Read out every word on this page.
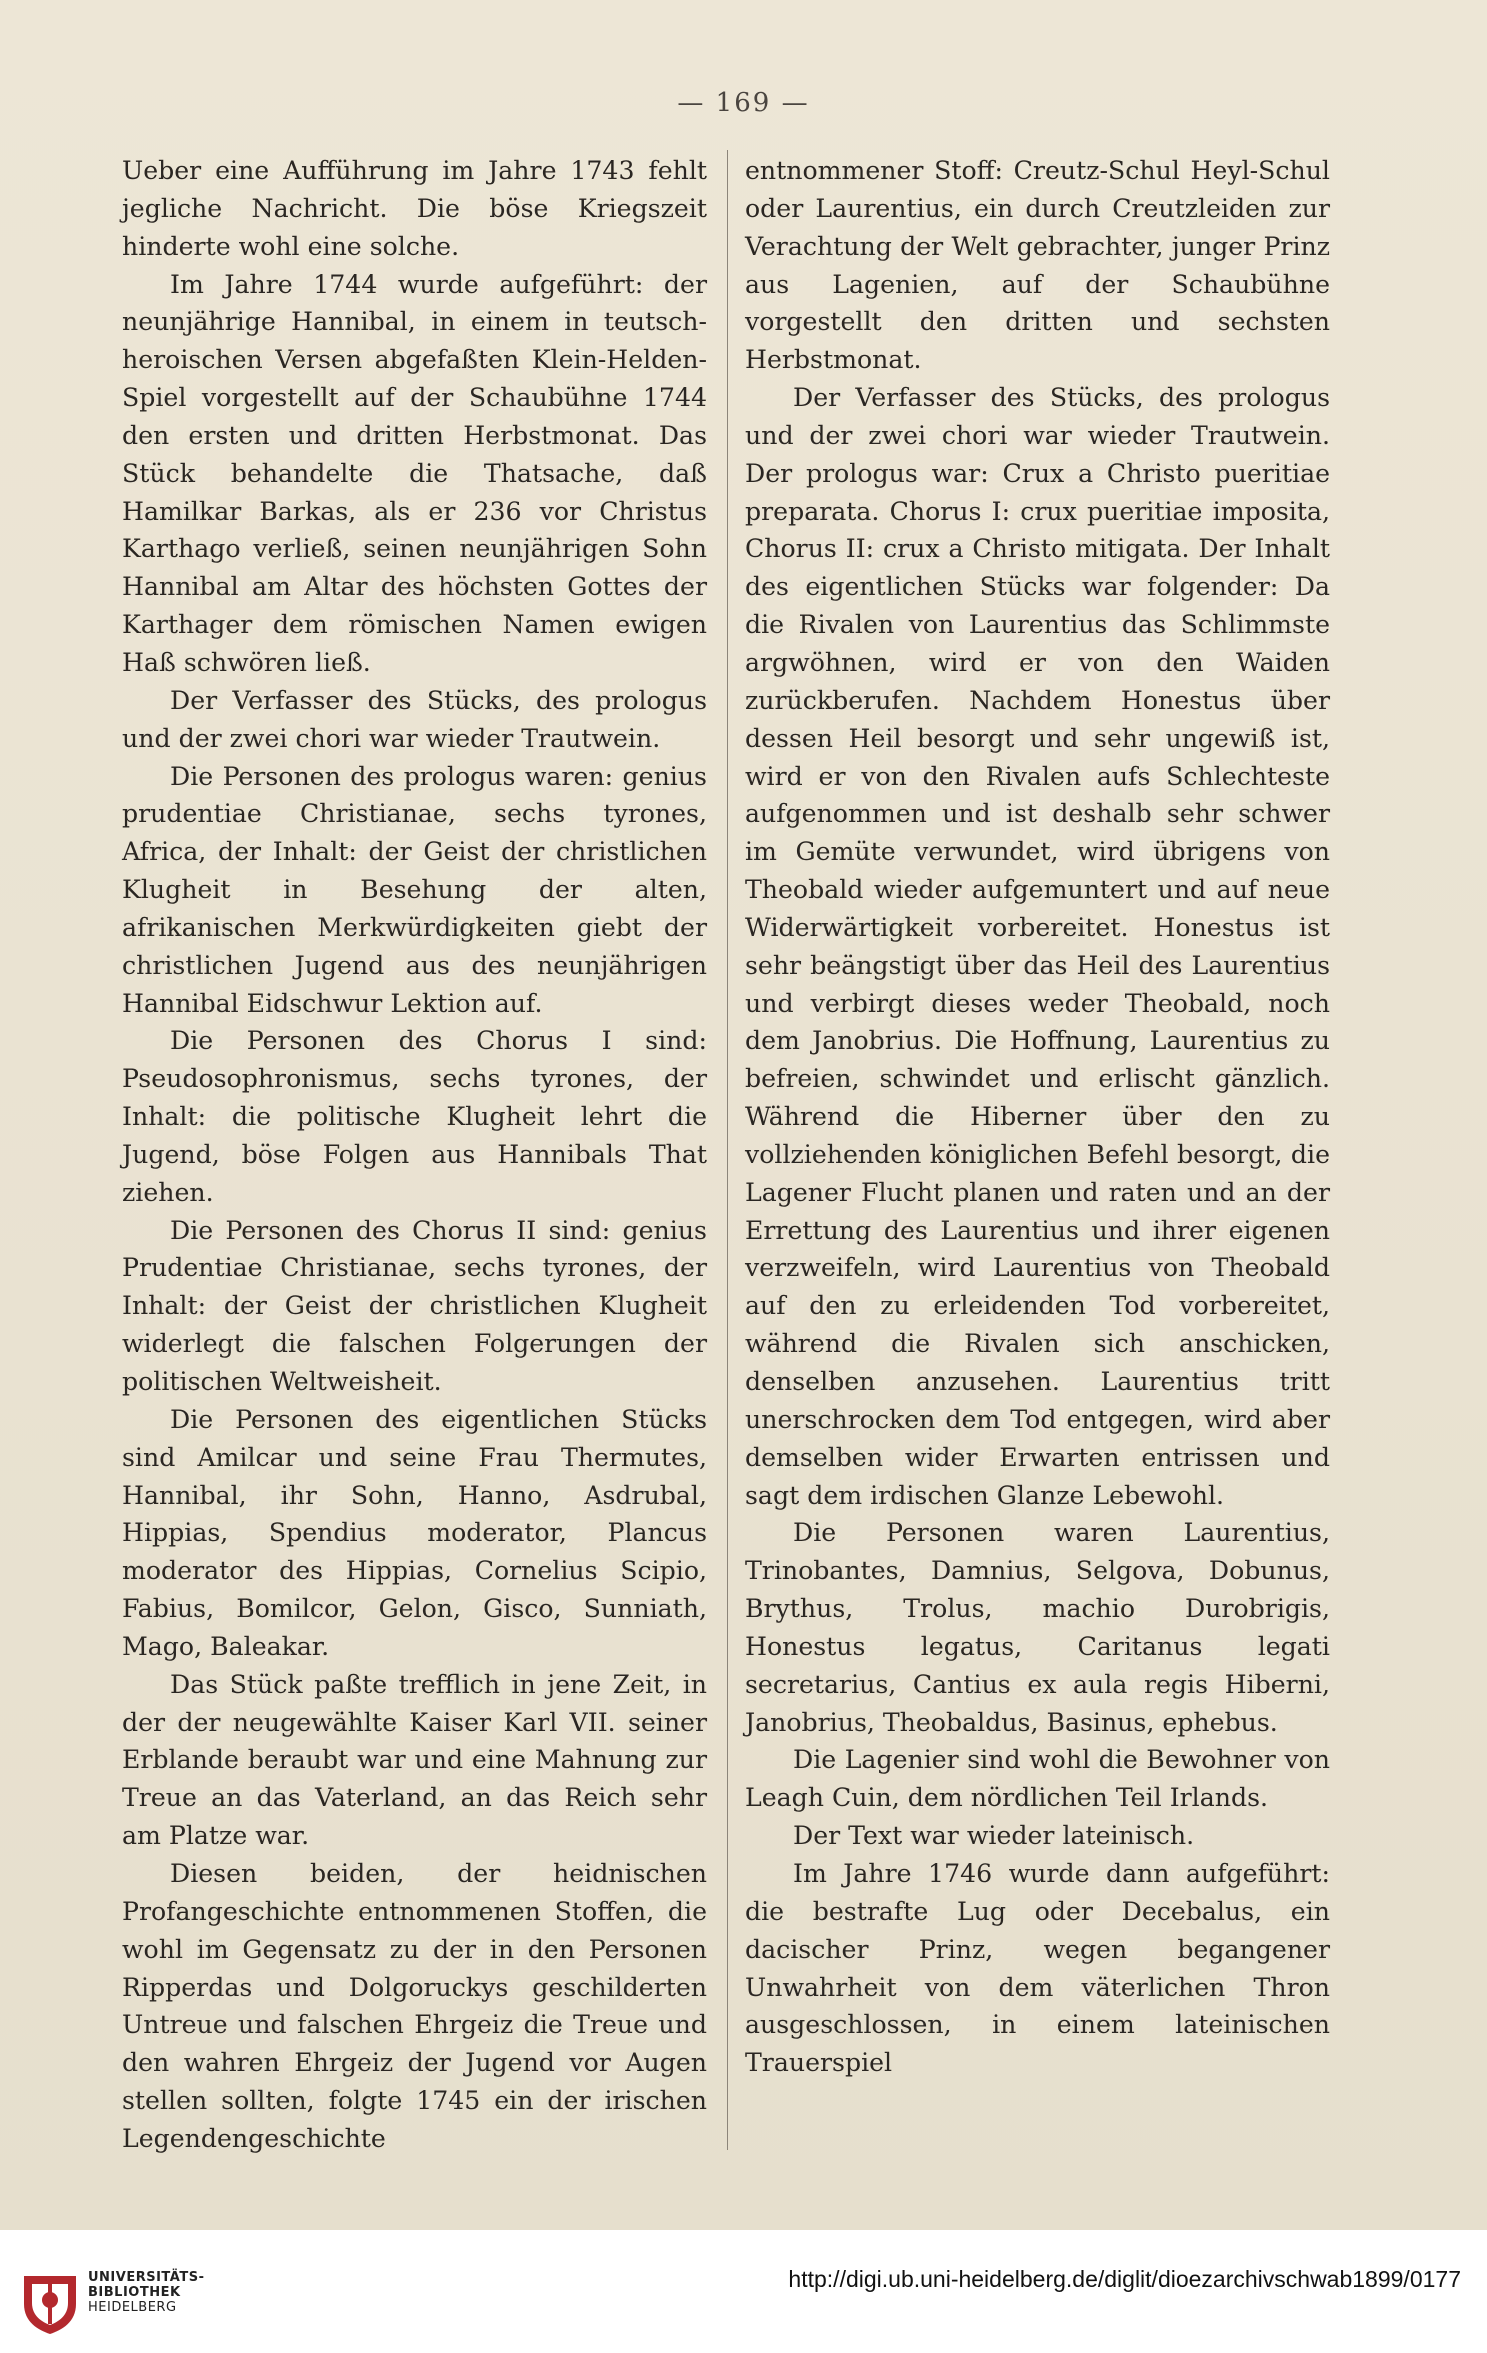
— 169 —

Ueber eine Aufführung im Jahre 1743 fehlt jegliche Nachricht. Die böse Kriegszeit hinderte wohl eine solche.

Im Jahre 1744 wurde aufgeführt: der neunjährige Hannibal, in einem in teutsch-heroischen Versen abgefaßten Klein-Helden-Spiel vorgestellt auf der Schaubühne 1744 den ersten und dritten Herbstmonat. Das Stück behandelte die Thatsache, daß Hamilkar Barkas, als er 236 vor Christus Karthago verließ, seinen neunjährigen Sohn Hannibal am Altar des höchsten Gottes der Karthager dem römischen Namen ewigen Haß schwören ließ.

Der Verfasser des Stücks, des prologus und der zwei chori war wieder Trautwein.

Die Personen des prologus waren: genius prudentiae Christianae, sechs tyrones, Africa, der Inhalt: der Geist der christlichen Klugheit in Besehung der alten, afrikanischen Merkwürdigkeiten giebt der christlichen Jugend aus des neunjährigen Hannibal Eidschwur Lektion auf.

Die Personen des Chorus I sind: Pseudosophronismus, sechs tyrones, der Inhalt: die politische Klugheit lehrt die Jugend, böse Folgen aus Hannibals That ziehen.

Die Personen des Chorus II sind: genius Prudentiae Christianae, sechs tyrones, der Inhalt: der Geist der christlichen Klugheit widerlegt die falschen Folgerungen der politischen Weltweisheit.

Die Personen des eigentlichen Stücks sind Amilcar und seine Frau Thermutes, Hannibal, ihr Sohn, Hanno, Asdrubal, Hippias, Spendius moderator, Plancus moderator des Hippias, Cornelius Scipio, Fabius, Bomilcor, Gelon, Gisco, Sunniath, Mago, Baleakar.

Das Stück paßte trefflich in jene Zeit, in der der neugewählte Kaiser Karl VII. seiner Erblande beraubt war und eine Mahnung zur Treue an das Vaterland, an das Reich sehr am Platze war.

Diesen beiden, der heidnischen Profangeschichte entnommenen Stoffen, die wohl im Gegensatz zu der in den Personen Ripperdas und Dolgoruckys geschilderten Untreue und falschen Ehrgeiz die Treue und den wahren Ehrgeiz der Jugend vor Augen stellen sollten, folgte 1745 ein der irischen Legendengeschichte

entnommener Stoff: Creutz-Schul Heyl-Schul oder Laurentius, ein durch Creutzleiden zur Verachtung der Welt gebrachter, junger Prinz aus Lagenien, auf der Schaubühne vorgestellt den dritten und sechsten Herbstmonat.

Der Verfasser des Stücks, des prologus und der zwei chori war wieder Trautwein. Der prologus war: Crux a Christo pueritiae preparata. Chorus I: crux pueritiae imposita, Chorus II: crux a Christo mitigata. Der Inhalt des eigentlichen Stücks war folgender: Da die Rivalen von Laurentius das Schlimmste argwöhnen, wird er von den Waiden zurückberufen. Nachdem Honestus über dessen Heil besorgt und sehr ungewiß ist, wird er von den Rivalen aufs Schlechteste aufgenommen und ist deshalb sehr schwer im Gemüte verwundet, wird übrigens von Theobald wieder aufgemuntert und auf neue Widerwärtigkeit vorbereitet. Honestus ist sehr beängstigt über das Heil des Laurentius und verbirgt dieses weder Theobald, noch dem Janobrius. Die Hoffnung, Laurentius zu befreien, schwindet und erlischt gänzlich. Während die Hiberner über den zu vollziehenden königlichen Befehl besorgt, die Lagener Flucht planen und raten und an der Errettung des Laurentius und ihrer eigenen verzweifeln, wird Laurentius von Theobald auf den zu erleidenden Tod vorbereitet, während die Rivalen sich anschicken, denselben anzusehen. Laurentius tritt unerschrocken dem Tod entgegen, wird aber demselben wider Erwarten entrissen und sagt dem irdischen Glanze Lebewohl.

Die Personen waren Laurentius, Trinobantes, Damnius, Selgova, Dobunus, Brythus, Trolus, machio Durobrigis, Honestus legatus, Caritanus legati secretarius, Cantius ex aula regis Hiberni, Janobrius, Theobaldus, Basinus, ephebus.

Die Lagenier sind wohl die Bewohner von Leagh Cuin, dem nördlichen Teil Irlands.

Der Text war wieder lateinisch.

Im Jahre 1746 wurde dann aufgeführt: die bestrafte Lug oder Decebalus, ein dacischer Prinz, wegen begangener Unwahrheit von dem väterlichen Thron ausgeschlossen, in einem lateinischen Trauerspiel

UNIVERSITÄTS-
BIBLIOTHEK
HEIDELBERG
http://digi.ub.uni-heidelberg.de/diglit/dioezarchivschwab1899/0177
